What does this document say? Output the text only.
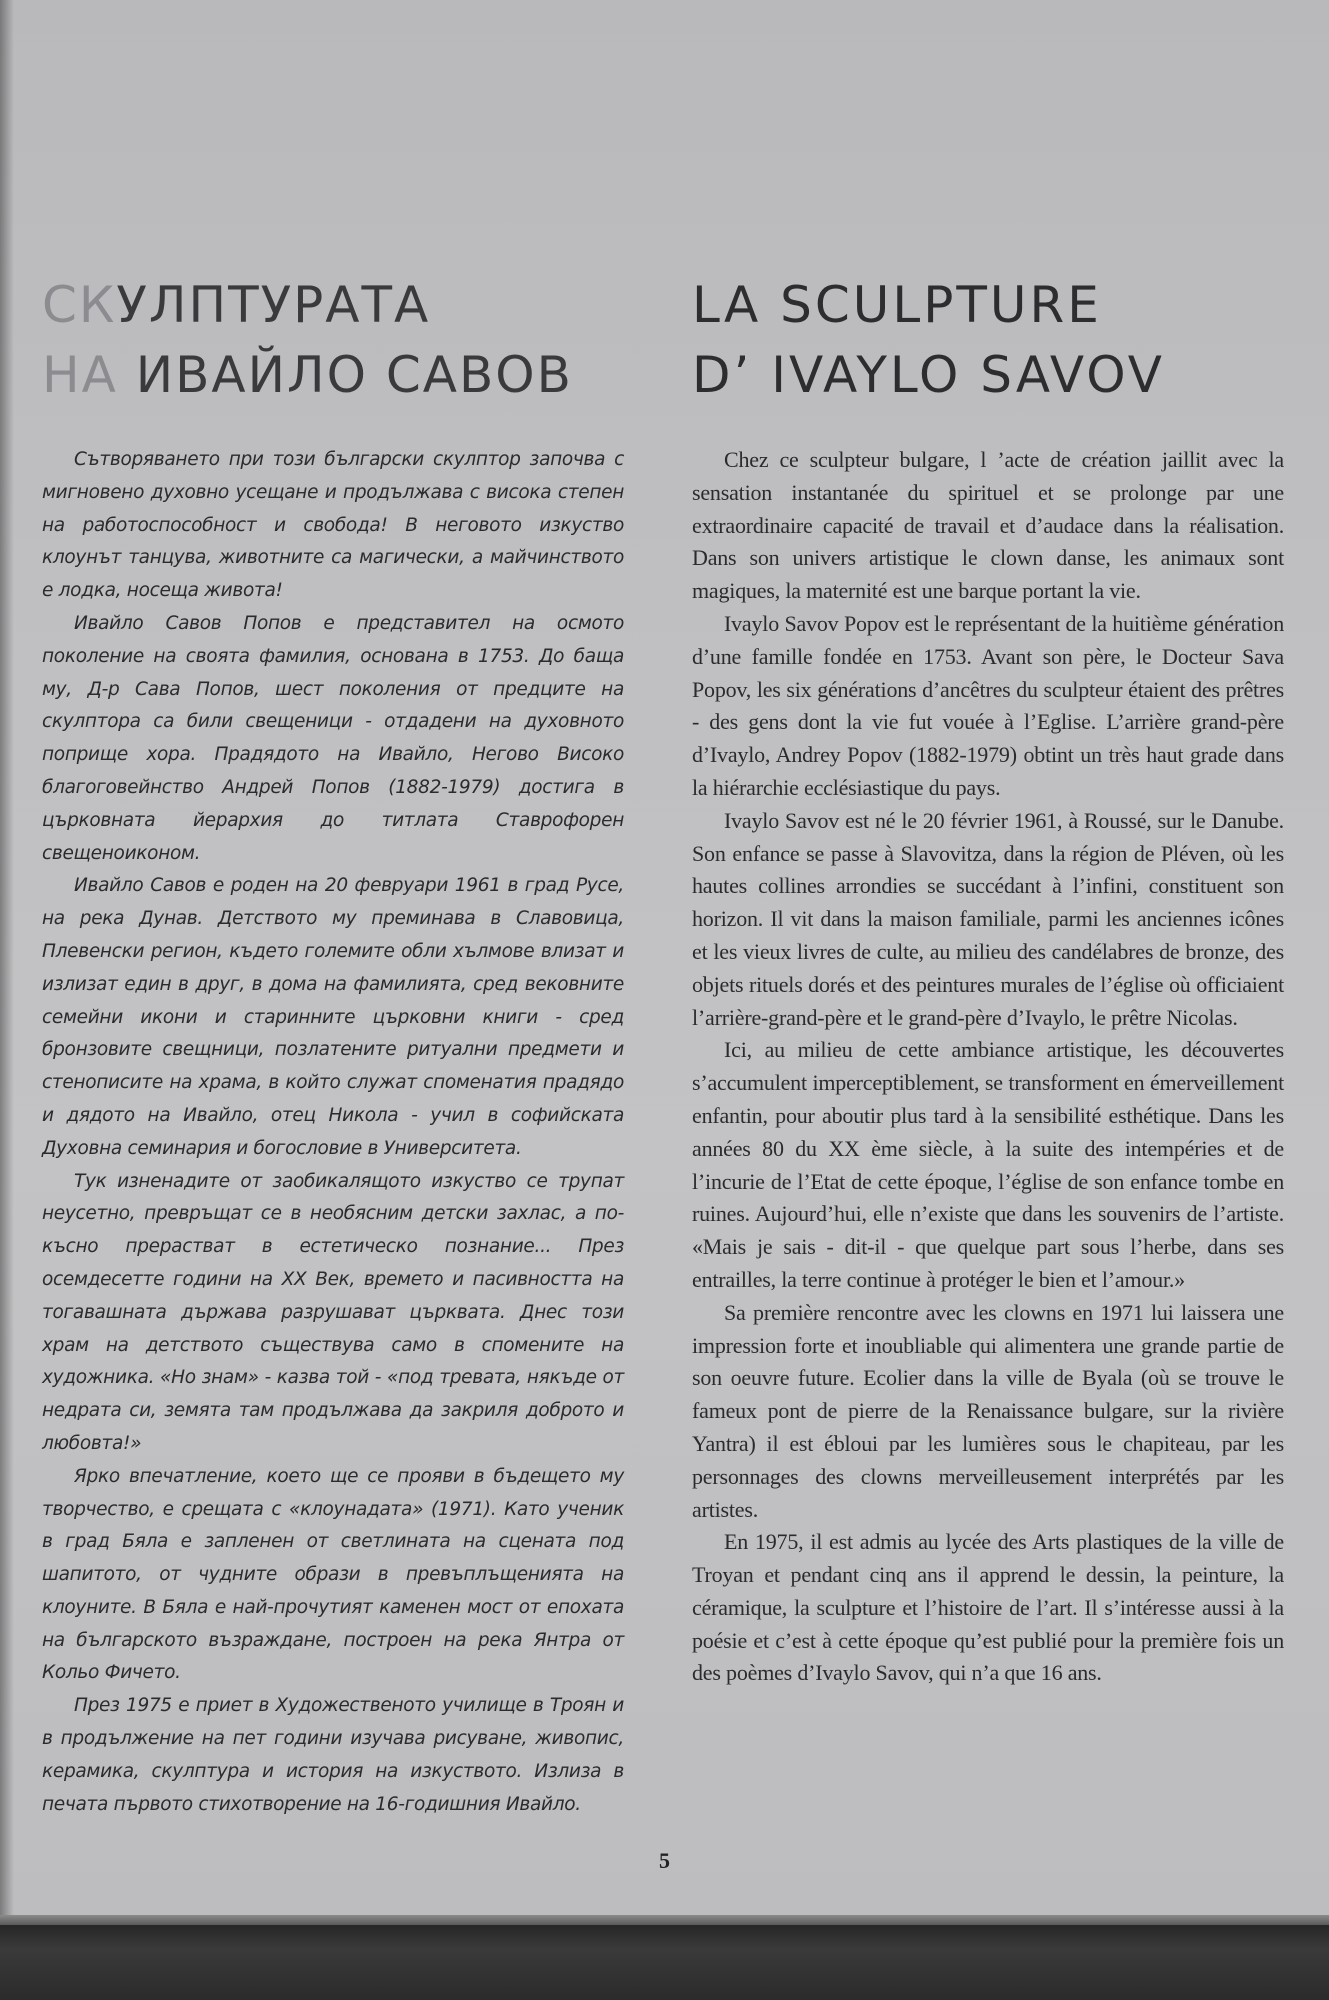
СКУЛПТУРАТА
НА ИВАЙЛО САВОВ

Сътворяването при този български скулптор започва с мигновено духовно усещане и продължава с висока степен на работоспособност и свобода! В неговото изкуство клоунът танцува, животните са магически, а майчинството е лодка, носеща живота!

Ивайло Савов Попов е представител на осмото поколение на своята фамилия, основана в 1753. До баща му, Д-р Сава Попов, шест поколения от предците на скулптора са били свещеници - отдадени на духовното поприще хора. Прадядото на Ивайло, Негово Високо благоговейнство Андрей Попов (1882-1979) достига в църковната йерархия до титлата Ставрофорен свещеноиконом.

Ивайло Савов е роден на 20 февруари 1961 в град Русе, на река Дунав. Детството му преминава в Славовица, Плевенски регион, където големите обли хълмове влизат и излизат един в друг, в дома на фамилията, сред вековните семейни икони и старинните църковни книги - сред бронзовите свещници, позлатените ритуални предмети и стенописите на храма, в който служат споменатия прадядо и дядото на Ивайло, отец Никола - учил в софийската Духовна семинария и богословие в Университета.

Тук изненадите от заобикалящото изкуство се трупат неусетно, превръщат се в необясним детски захлас, а по-късно прерастват в естетическо познание... През осемдесетте години на XX Век, времето и пасивността на тогавашната държава разрушават църквата. Днес този храм на детството съществува само в спомените на художника. «Но знам» - казва той - «под тревата, някъде от недрата си, земята там продължава да закриля доброто и любовта!»

Ярко впечатление, което ще се прояви в бъдещето му творчество, е срещата с «клоунадата» (1971). Като ученик в град Бяла е запленен от светлината на сцената под шапитото, от чудните образи в превъплъщенията на клоуните. В Бяла е най-прочутият каменен мост от епохата на българското възраждане, построен на река Янтра от Кольо Фичето.

През 1975 е приет в Художественото училище в Троян и в продължение на пет години изучава рисуване, живопис, керамика, скулптура и история на изкуството. Излиза в печата първото стихотворение на 16-годишния Ивайло.

LA SCULPTURE
D’ IVAYLO SAVOV

Chez ce sculpteur bulgare, l ’acte de création jaillit avec la sensation instantanée du spirituel et se prolonge par une extraordinaire capacité de travail et d’audace dans la réalisation. Dans son univers artistique le clown danse, les animaux sont magiques, la maternité est une barque portant la vie.

Ivaylo Savov Popov est le représentant de la huitième génération d’une famille fondée en 1753. Avant son père, le Docteur Sava Popov, les six générations d’ancêtres du sculpteur étaient des prêtres - des gens dont la vie fut vouée à l’Eglise. L’arrière grand-père d’Ivaylo, Andrey Popov (1882-1979) obtint un très haut grade dans la hiérarchie ecclésiastique du pays.

Ivaylo Savov est né le 20 février 1961, à Roussé, sur le Danube. Son enfance se passe à Slavovitza, dans la région de Pléven, où les hautes collines arrondies se succédant à l’infini, constituent son horizon. Il vit dans la maison familiale, parmi les anciennes icônes et les vieux livres de culte, au milieu des candélabres de bronze, des objets rituels dorés et des peintures murales de l’église où officiaient l’arrière-grand-père et le grand-père d’Ivaylo, le prêtre Nicolas.

Ici, au milieu de cette ambiance artistique, les découvertes s’accumulent imperceptiblement, se transforment en émerveillement enfantin, pour aboutir plus tard à la sensibilité esthétique. Dans les années 80 du XX ème siècle, à la suite des intempéries et de l’incurie de l’Etat de cette époque, l’église de son enfance tombe en ruines. Aujourd’hui, elle n’existe que dans les souvenirs de l’artiste. «Mais je sais - dit-il - que quelque part sous l’herbe, dans ses entrailles, la terre continue à protéger le bien et l’amour.»

Sa première rencontre avec les clowns en 1971 lui laissera une impression forte et inoubliable qui alimentera une grande partie de son oeuvre future. Ecolier dans la ville de Byala (où se trouve le fameux pont de pierre de la Renaissance bulgare, sur la rivière Yantra) il est ébloui par les lumières sous le chapiteau, par les personnages des clowns merveilleusement interprétés par les artistes.

En 1975, il est admis au lycée des Arts plastiques de la ville de Troyan et pendant cinq ans il apprend le dessin, la peinture, la céramique, la sculpture et l’histoire de l’art. Il s’intéresse aussi à la poésie et c’est à cette époque qu’est publié pour la première fois un des poèmes d’Ivaylo Savov, qui n’a que 16 ans.

5
